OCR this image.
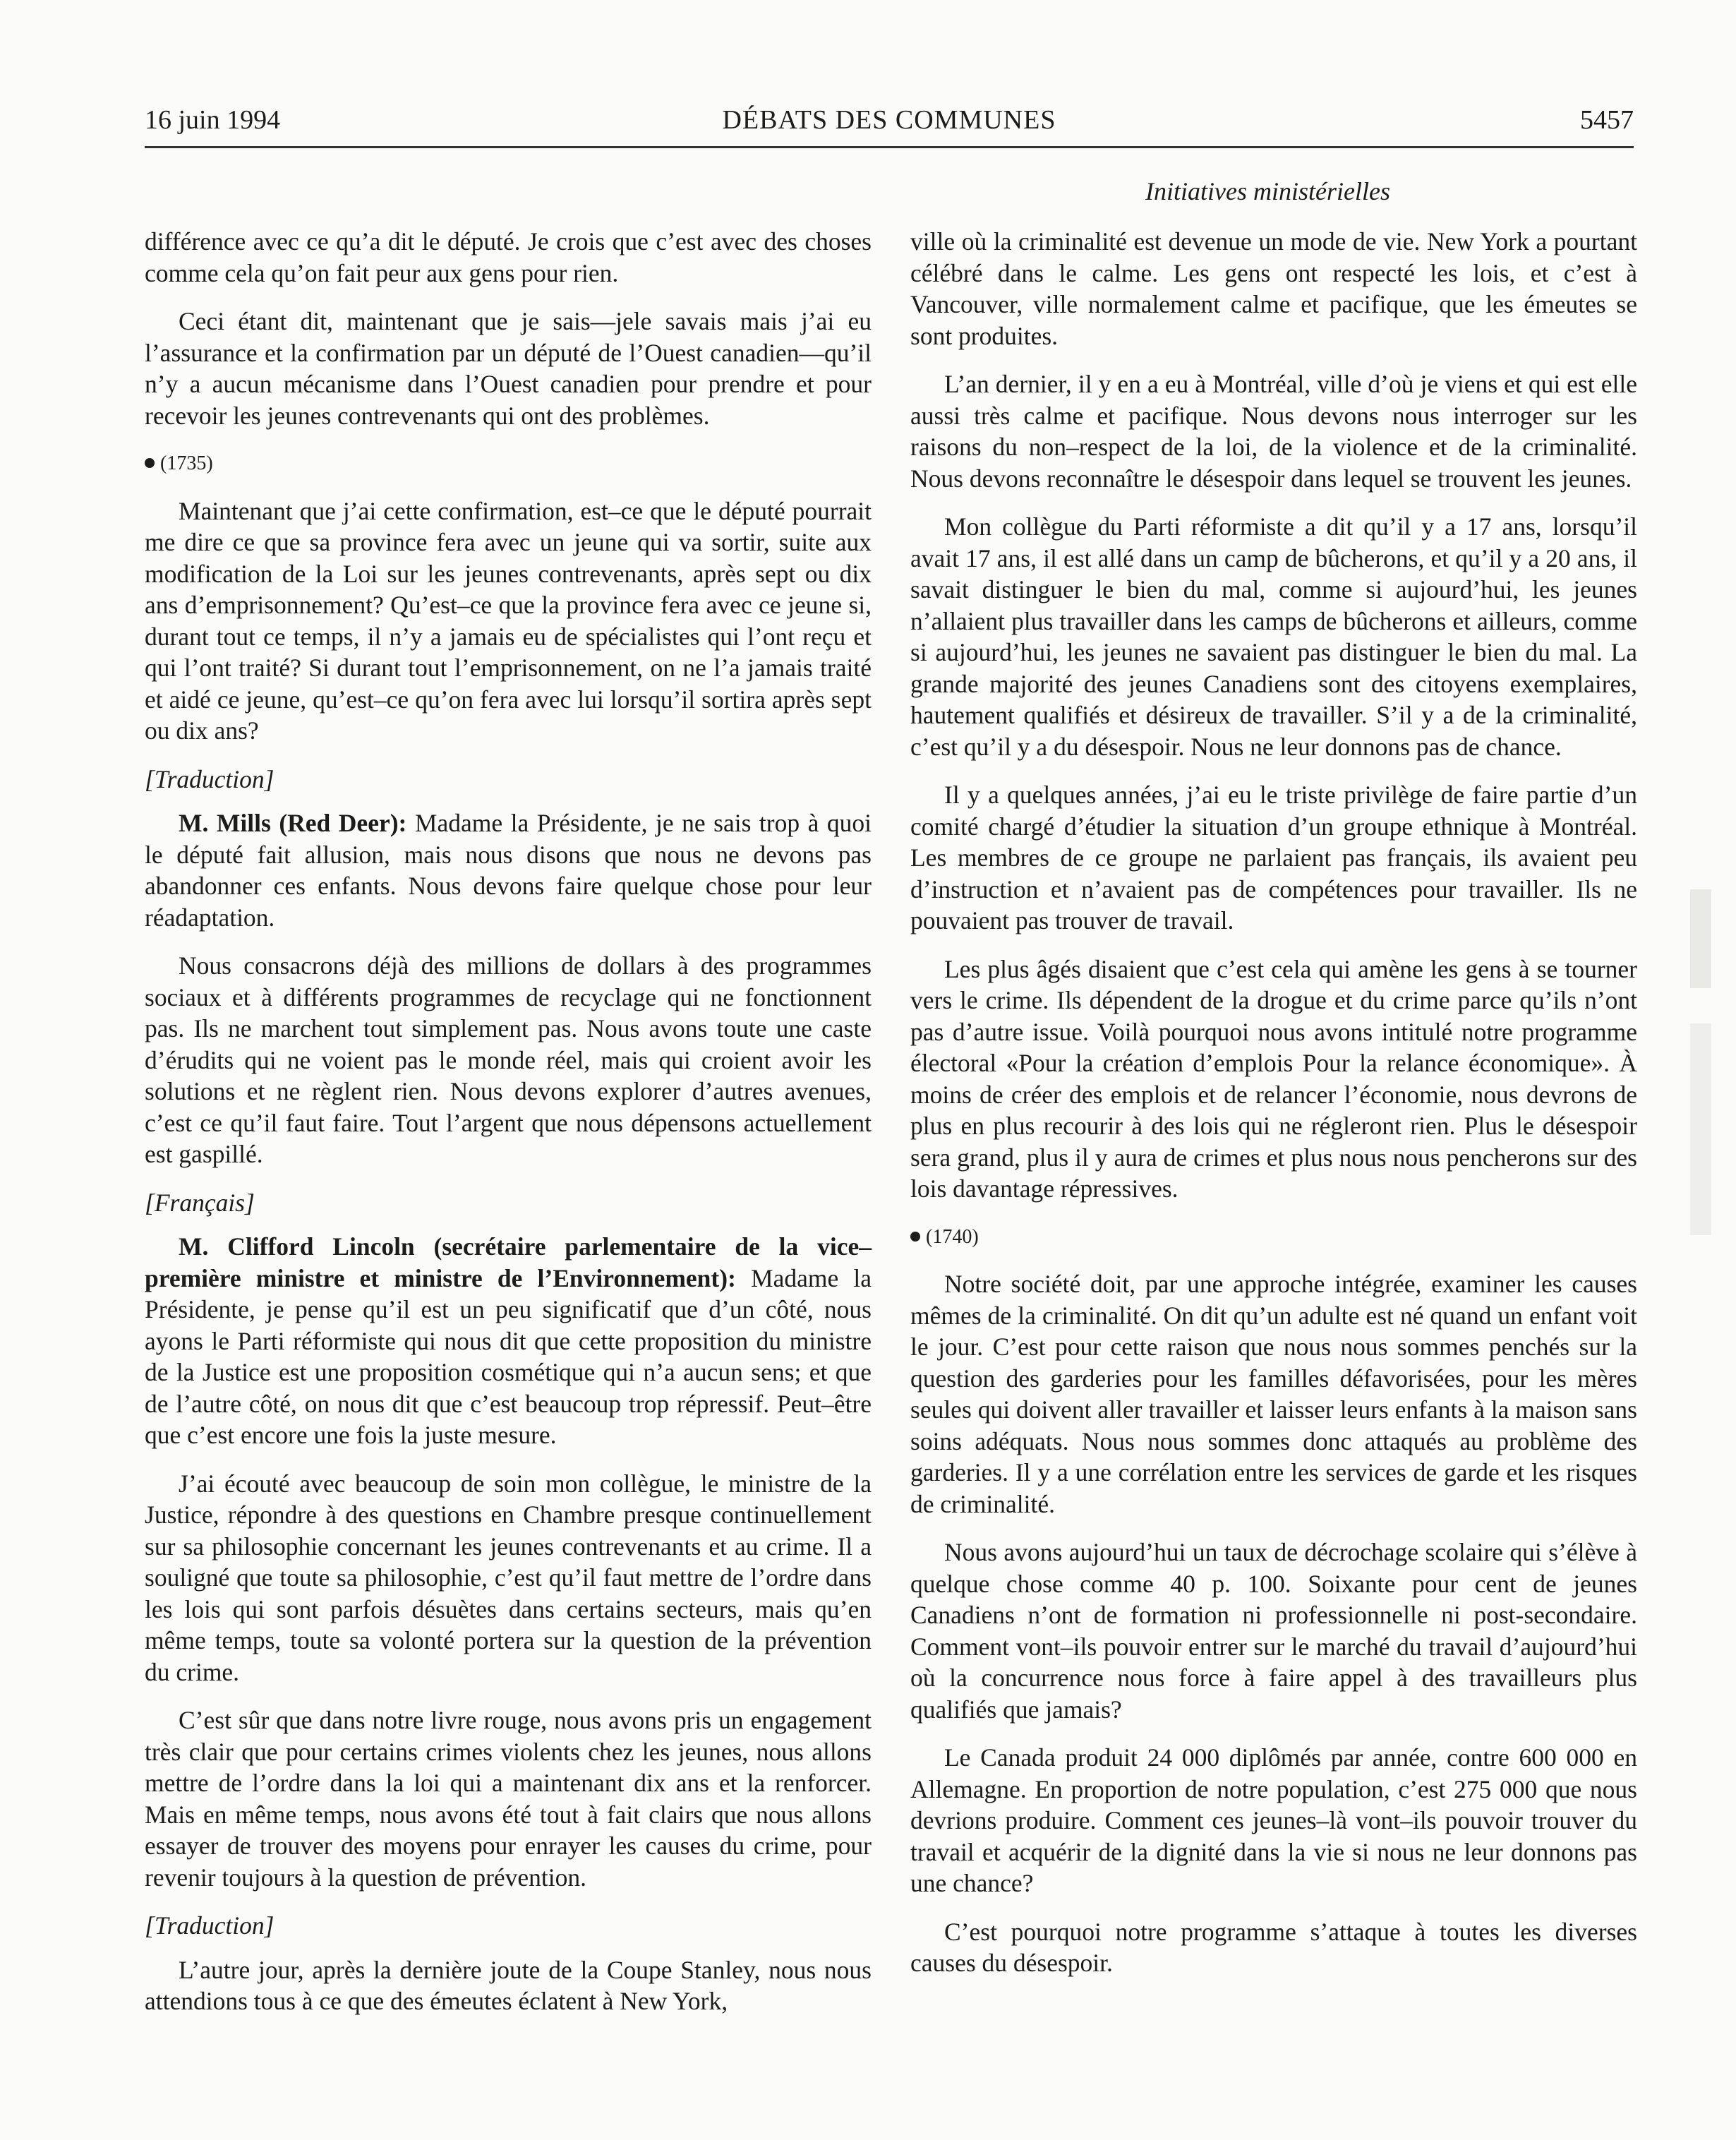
16 juin 1994	DÉBATS DES COMMUNES	5457
Initiatives ministérielles

différence avec ce qu’a dit le député. Je crois que c’est avec des choses comme cela qu’on fait peur aux gens pour rien.

Ceci étant dit, maintenant que je sais—jele savais mais j’ai eu l’assurance et la confirmation par un député de l’Ouest canadien—qu’il n’y a aucun mécanisme dans l’Ouest canadien pour prendre et pour recevoir les jeunes contrevenants qui ont des problèmes.

(1735)

Maintenant que j’ai cette confirmation, est–ce que le député pourrait me dire ce que sa province fera avec un jeune qui va sortir, suite aux modification de la Loi sur les jeunes contrevenants, après sept ou dix ans d’emprisonnement? Qu’est–ce que la province fera avec ce jeune si, durant tout ce temps, il n’y a jamais eu de spécialistes qui l’ont reçu et qui l’ont traité? Si durant tout l’emprisonnement, on ne l’a jamais traité et aidé ce jeune, qu’est–ce qu’on fera avec lui lorsqu’il sortira après sept ou dix ans?

[Traduction]

M. Mills (Red Deer): Madame la Présidente, je ne sais trop à quoi le député fait allusion, mais nous disons que nous ne devons pas abandonner ces enfants. Nous devons faire quelque chose pour leur réadaptation.

Nous consacrons déjà des millions de dollars à des programmes sociaux et à différents programmes de recyclage qui ne fonctionnent pas. Ils ne marchent tout simplement pas. Nous avons toute une caste d’érudits qui ne voient pas le monde réel, mais qui croient avoir les solutions et ne règlent rien. Nous devons explorer d’autres avenues, c’est ce qu’il faut faire. Tout l’argent que nous dépensons actuellement est gaspillé.

[Français]

M. Clifford Lincoln (secrétaire parlementaire de la vice–première ministre et ministre de l’Environnement): Madame la Présidente, je pense qu’il est un peu significatif que d’un côté, nous ayons le Parti réformiste qui nous dit que cette proposition du ministre de la Justice est une proposition cosmétique qui n’a aucun sens; et que de l’autre côté, on nous dit que c’est beaucoup trop répressif. Peut–être que c’est encore une fois la juste mesure.

J’ai écouté avec beaucoup de soin mon collègue, le ministre de la Justice, répondre à des questions en Chambre presque continuellement sur sa philosophie concernant les jeunes contrevenants et au crime. Il a souligné que toute sa philosophie, c’est qu’il faut mettre de l’ordre dans les lois qui sont parfois désuètes dans certains secteurs, mais qu’en même temps, toute sa volonté portera sur la question de la prévention du crime.

C’est sûr que dans notre livre rouge, nous avons pris un engagement très clair que pour certains crimes violents chez les jeunes, nous allons mettre de l’ordre dans la loi qui a maintenant dix ans et la renforcer. Mais en même temps, nous avons été tout à fait clairs que nous allons essayer de trouver des moyens pour enrayer les causes du crime, pour revenir toujours à la question de prévention.

[Traduction]

L’autre jour, après la dernière joute de la Coupe Stanley, nous nous attendions tous à ce que des émeutes éclatent à New York,

ville où la criminalité est devenue un mode de vie. New York a pourtant célébré dans le calme. Les gens ont respecté les lois, et c’est à Vancouver, ville normalement calme et pacifique, que les émeutes se sont produites.

L’an dernier, il y en a eu à Montréal, ville d’où je viens et qui est elle aussi très calme et pacifique. Nous devons nous interroger sur les raisons du non–respect de la loi, de la violence et de la criminalité. Nous devons reconnaître le désespoir dans lequel se trouvent les jeunes.

Mon collègue du Parti réformiste a dit qu’il y a 17 ans, lorsqu’il avait 17 ans, il est allé dans un camp de bûcherons, et qu’il y a 20 ans, il savait distinguer le bien du mal, comme si aujourd’hui, les jeunes n’allaient plus travailler dans les camps de bûcherons et ailleurs, comme si aujourd’hui, les jeunes ne savaient pas distinguer le bien du mal. La grande majorité des jeunes Canadiens sont des citoyens exemplaires, hautement qualifiés et désireux de travailler. S’il y a de la criminalité, c’est qu’il y a du désespoir. Nous ne leur donnons pas de chance.

Il y a quelques années, j’ai eu le triste privilège de faire partie d’un comité chargé d’étudier la situation d’un groupe ethnique à Montréal. Les membres de ce groupe ne parlaient pas français, ils avaient peu d’instruction et n’avaient pas de compétences pour travailler. Ils ne pouvaient pas trouver de travail.

Les plus âgés disaient que c’est cela qui amène les gens à se tourner vers le crime. Ils dépendent de la drogue et du crime parce qu’ils n’ont pas d’autre issue. Voilà pourquoi nous avons intitulé notre programme électoral «Pour la création d’emplois Pour la relance économique». À moins de créer des emplois et de relancer l’économie, nous devrons de plus en plus recourir à des lois qui ne régleront rien. Plus le désespoir sera grand, plus il y aura de crimes et plus nous nous pencherons sur des lois davantage répressives.

(1740)

Notre société doit, par une approche intégrée, examiner les causes mêmes de la criminalité. On dit qu’un adulte est né quand un enfant voit le jour. C’est pour cette raison que nous nous sommes penchés sur la question des garderies pour les familles défavorisées, pour les mères seules qui doivent aller travailler et laisser leurs enfants à la maison sans soins adéquats. Nous nous sommes donc attaqués au problème des garderies. Il y a une corrélation entre les services de garde et les risques de criminalité.

Nous avons aujourd’hui un taux de décrochage scolaire qui s’élève à quelque chose comme 40 p. 100. Soixante pour cent de jeunes Canadiens n’ont de formation ni professionnelle ni post-secondaire. Comment vont–ils pouvoir entrer sur le marché du travail d’aujourd’hui où la concurrence nous force à faire appel à des travailleurs plus qualifiés que jamais?

Le Canada produit 24 000 diplômés par année, contre 600 000 en Allemagne. En proportion de notre population, c’est 275 000 que nous devrions produire. Comment ces jeunes–là vont–ils pouvoir trouver du travail et acquérir de la dignité dans la vie si nous ne leur donnons pas une chance?

C’est pourquoi notre programme s’attaque à toutes les diverses causes du désespoir.
